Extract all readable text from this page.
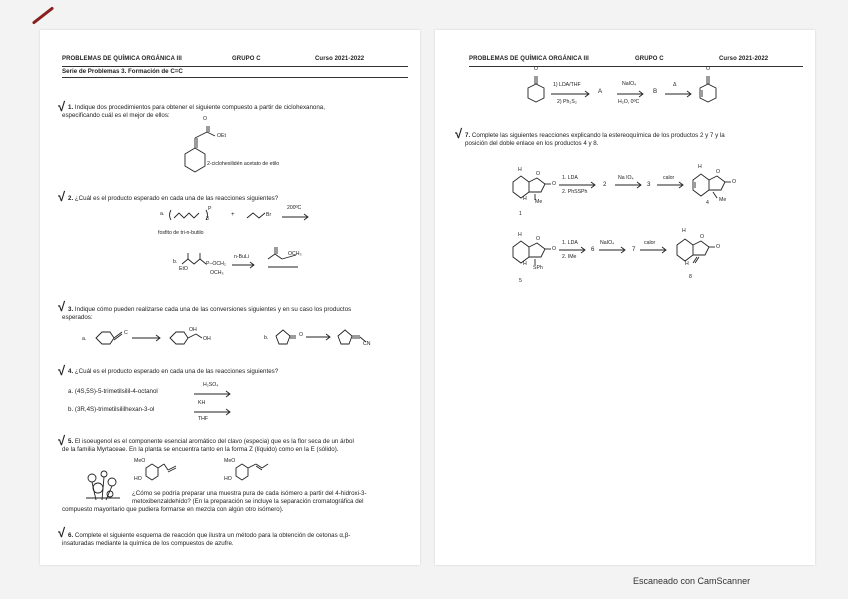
PROBLEMAS DE QUÍMICA ORGÁNICA III	GRUPO C	Curso 2021-2022
Serie de Problemas 3. Formación de C=C
√ 1. Indique dos procedimientos para obtener el siguiente compuesto a partir de ciclohexanona,
especificando cuál es el mejor de ellos:	O
OEt
2-ciclohexilidén acetato de etilo
√ 2. ¿Cuál es el producto esperado en cada una de las reacciones siguientes?
a.
P
3
+	Br
200ºC
fosfito de tri-n-butilo
b.
EtO
P–OCH₂
OCH₃
n-BuLi	OCH₃
√ 3. Indique cómo pueden realizarse cada una de las conversiones siguientes y en su caso los productos
esperados:
a.
C	OH
OH	b.	O
CN
√ 4. ¿Cuál es el producto esperado en cada una de las reacciones siguientes?
a. (4S,5S)-5-trimetilsilil-4-octanol
H₂SO₄
b. (3R,4S)-trimetilsililhexan-3-ol
KH
THF
√ 5. El isoeugenol es el componente esencial aromático del clavo (especia) que es la flor seca de un árbol
de la familia Myrtaceae. En la planta se encuentra tanto en la forma Z (líquido) como en la E (sólido).
MeO
HO
MeO
HO
¿Cómo se podría preparar una muestra pura de cada isómero a partir del 4-hidroxi-3-
metoxibenzaldehído? (En la preparación se incluye la separación cromatográfica del
compuesto mayoritario que pudiera formarse en mezcla con algún otro isómero).
√ 6. Complete el siguiente esquema de reacción que ilustra un método para la obtención de cetonas α,β-
insaturadas mediante la química de los compuestos de azufre.
PROBLEMAS DE QUÍMICA ORGÁNICA III	GRUPO C	Curso 2021-2022
O
1) LDA/THF
2) Ph₂S₂
A
NaIO₄
H₂O, 0ºC
B
Δ
O
√ 7. Complete las siguientes reacciones explicando la estereoquímica de los productos 2 y 7 y la
posición del doble enlace en los productos 4 y 8.
H
O
O
H Me
1
1. LDA
2. PhSSPh
2
Na IO₄
→ 3
calor
H
O
O
Me
4
H
O
O
H
SPh
5
1. LDA
2. IMe
6
NaIO₄
→ 7
calor
H
O
O
H
8
Escaneado con CamScanner
